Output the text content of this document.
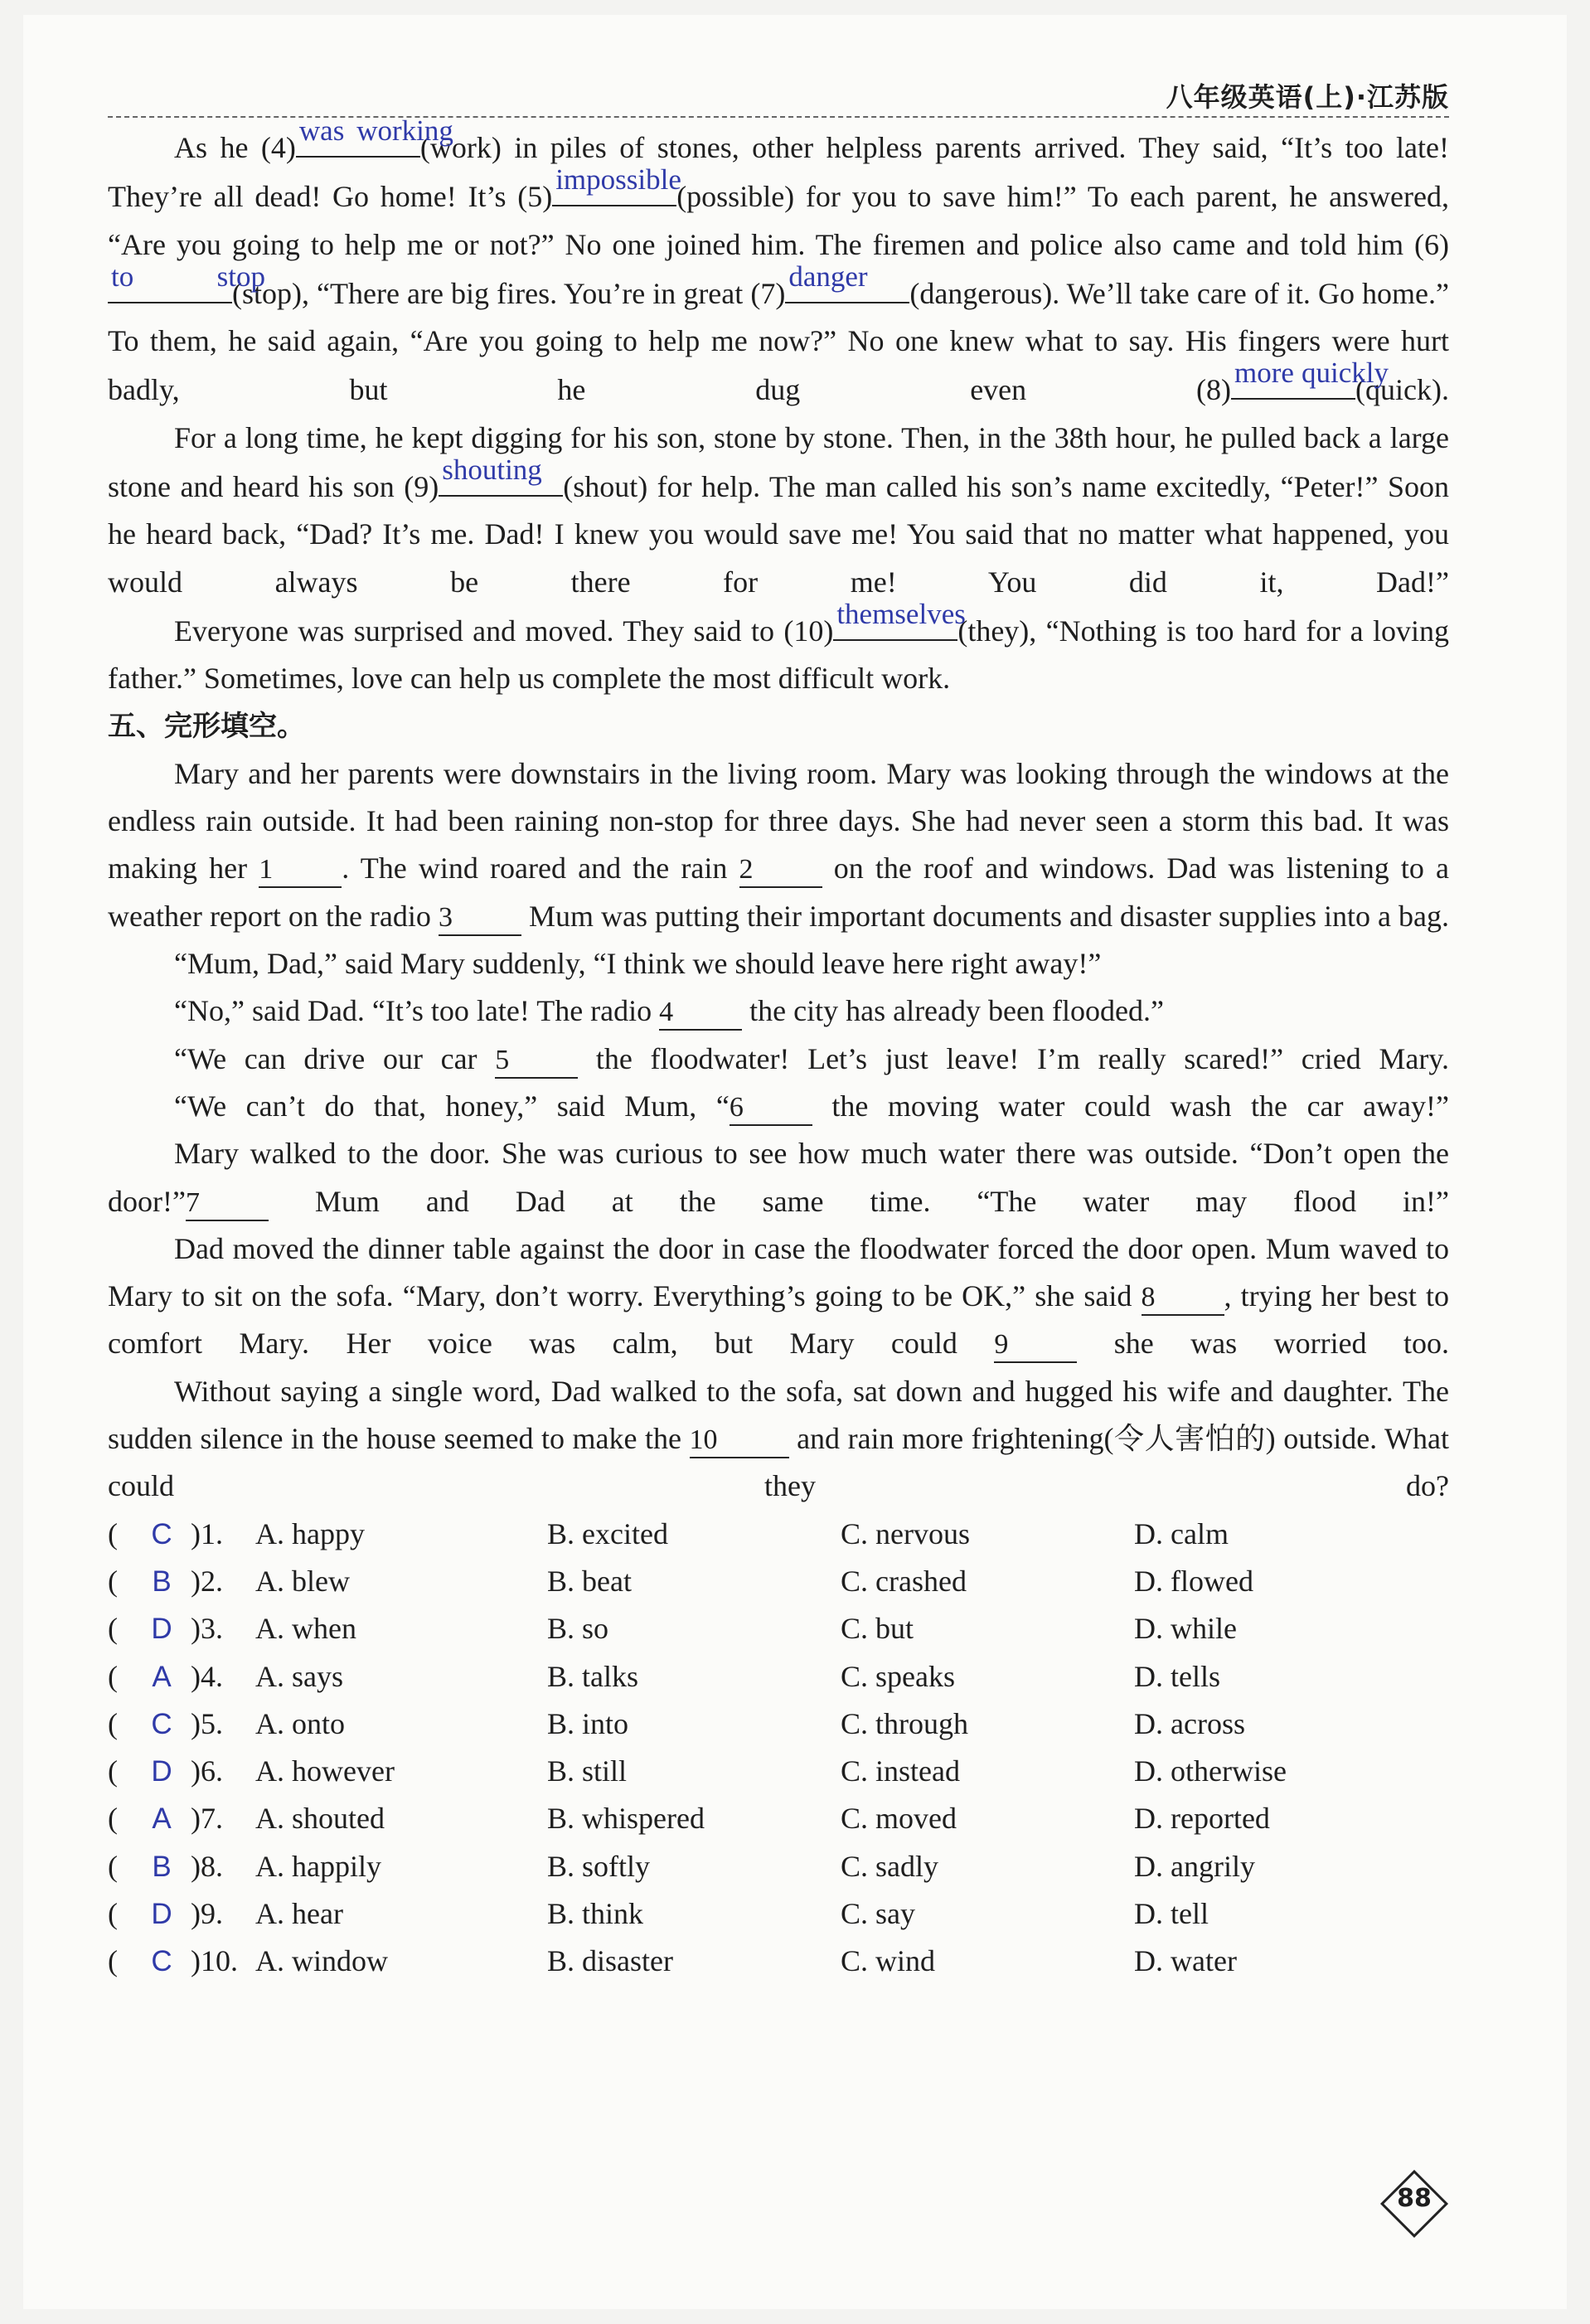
八年级英语(上)·江苏版

As he (4)
was working
(work) in piles of stones, other helpless parents arrived. They said, “It’s too late! They’re all dead! Go home! It’s (5)
impossible
(possible) for you to save him!” To each parent, he answered, “Are you going to help me or not?” No one joined him. The firemen and police also came and told him (6)
to stop
(stop), “There are big fires. You’re in great (7)
danger
(dangerous). We’ll take care of it. Go home.” To them, he said again, “Are you going to help me now?” No one knew what to say. His fingers were hurt badly, but he dug even (8)
more quickly
(quick).

For a long time, he kept digging for his son, stone by stone. Then, in the 38th hour, he pulled back a large stone and heard his son (9)
shouting
(shout) for help. The man called his son’s name excitedly, “Peter!” Soon he heard back, “Dad? It’s me. Dad! I knew you would save me! You said that no matter what happened, you would always be there for me! You did it, Dad!”

Everyone was surprised and moved. They said to (10)
themselves
(they), “Nothing is too hard for a loving father.” Sometimes, love can help us complete the most difficult work.

五、完形填空。

Mary and her parents were downstairs in the living room. Mary was looking through the windows at the endless rain outside. It had been raining non-stop for three days. She had never seen a storm this bad. It was making her 1 . The wind roared and the rain 2	on the roof and windows. Dad was listening to a weather report on the radio 3	Mum was putting their important documents and disaster supplies into a bag.

“Mum, Dad,” said Mary suddenly, “I think we should leave here right away!”

“No,” said Dad. “It’s too late! The radio 4	the city has already been flooded.”

“We can drive our car 5	the floodwater! Let’s just leave! I’m really scared!” cried Mary.

“We can’t do that, honey,” said Mum, “6	the moving water could wash the car away!”

Mary walked to the door. She was curious to see how much water there was outside. “Don’t open the door!”7	Mum and Dad at the same time. “The water may flood in!”

Dad moved the dinner table against the door in case the floodwater forced the door open. Mum waved to Mary to sit on the sofa. “Mary, don’t worry. Everything’s going to be OK,” she said 8 , trying her best to comfort Mary. Her voice was calm, but Mary could 9	she was worried too.

Without saying a single word, Dad walked to the sofa, sat down and hugged his wife and daughter. The sudden silence in the house seemed to make the 10	and rain more frightening(令人害怕的) outside. What could they do?

(	C )1. A. happy	B. excited	C. nervous	D. calm
(	B )2. A. blew	B. beat	C. crashed	D. flowed
(	D )3. A. when	B. so	C. but	D. while
(	A )4. A. says	B. talks	C. speaks	D. tells
(	C )5. A. onto	B. into	C. through	D. across
(	D )6. A. however	B. still	C. instead	D. otherwise
(	A )7. A. shouted	B. whispered	C. moved	D. reported
(	B )8. A. happily	B. softly	C. sadly	D. angrily
(	D )9. A. hear	B. think	C. say	D. tell
(	C )10. A. window	B. disaster	C. wind	D. water
88
